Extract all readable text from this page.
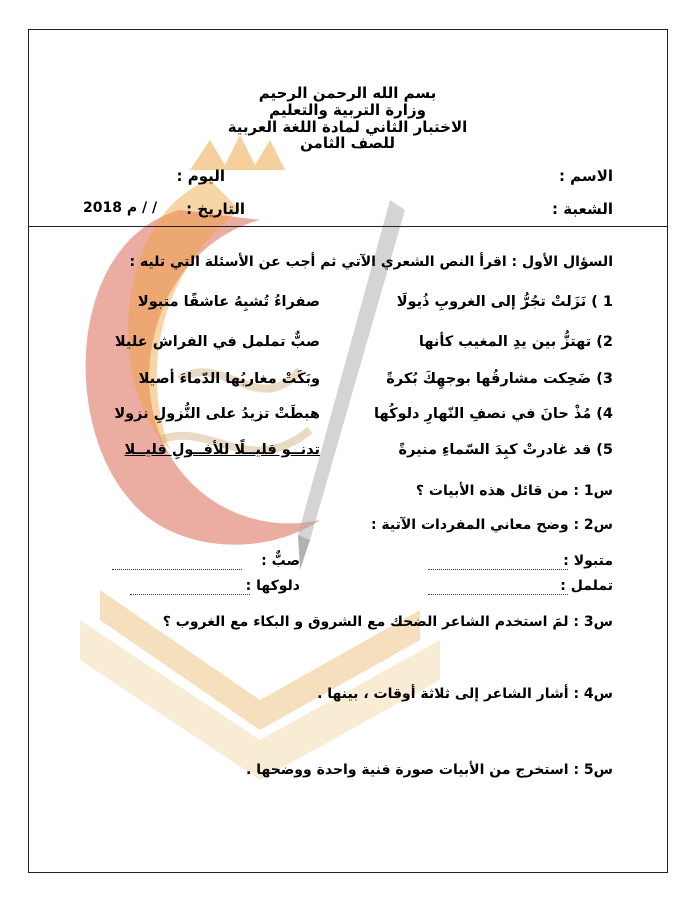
بسم الله الرحمن الرحيم
وزارة التربية والتعليم
الاختبار الثاني لمادة اللغة العربية
للصف الثامن
الاسم :
اليوم :
الشعبة :
التاريخ :
/ /
2018 م
السؤال الأول : اقرأ النص الشعري الآتي ثم أجب عن الأسئلة التي تليه :
1 ) نَزَلتْ تجُرُّ إلى الغروبِ ذُيولَا
صفراءُ تُشبِهُ عاشقًا متبولا
2) تهتزُّ بين يدِ المغيب كأنها
صبٌّ تململ في الفراش عليلا
3) ضَحِكت مشارقُها بوجهِكَ بُكرةً
وبَكَتْ مغاربُها الدّماءَ أصيلا
4) مُذْ حانَ في نصفِ النّهارِ دلوكُها
هبطَتْ تزيدُ على النُّزولِ نزولا
5) قد غادرتْ كبِدَ السّماءِ منيرةً
تدنــو قليــلًا للأفــولِ قليــلا
س1 : من قائل هذه الأبيات ؟
س2 : وضح معاني المفردات الآتية :
متبولا :
صبٌّ :
تململ :
دلوكها :
س3 : لمَ استخدم الشاعر الضحك مع الشروق و البكاء مع الغروب ؟
س4 : أشار الشاعر إلى ثلاثة أوقات ، بينها .
س5 : استخرج من الأبيات صورة فنية واحدة ووضحها .
